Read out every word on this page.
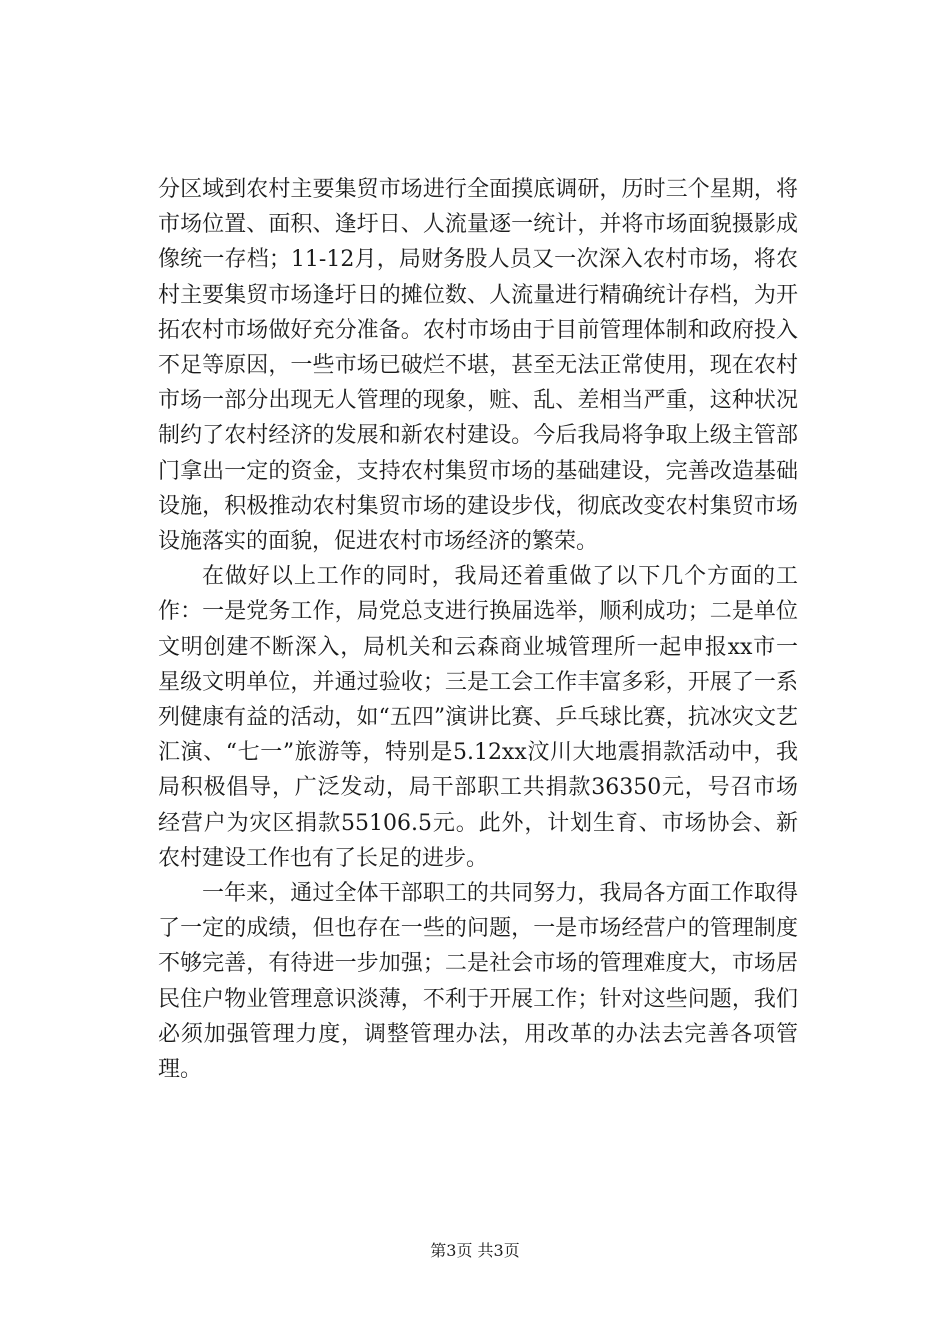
分区域到农村主要集贸市场进行全面摸底调研，历时三个星期，将市场位置、面积、逢圩日、人流量逐一统计，并将市场面貌摄影成像统一存档；11-12月，局财务股人员又一次深入农村市场，将农村主要集贸市场逢圩日的摊位数、人流量进行精确统计存档，为开拓农村市场做好充分准备。农村市场由于目前管理体制和政府投入不足等原因，一些市场已破烂不堪，甚至无法正常使用，现在农村市场一部分出现无人管理的现象，赃、乱、差相当严重，这种状况制约了农村经济的发展和新农村建设。今后我局将争取上级主管部门拿出一定的资金，支持农村集贸市场的基础建设，完善改造基础设施，积极推动农村集贸市场的建设步伐，彻底改变农村集贸市场设施落实的面貌，促进农村市场经济的繁荣。

在做好以上工作的同时，我局还着重做了以下几个方面的工作：一是党务工作，局党总支进行换届选举，顺利成功；二是单位文明创建不断深入，局机关和云森商业城管理所一起申报xx市一星级文明单位，并通过验收；三是工会工作丰富多彩，开展了一系列健康有益的活动，如“五四”演讲比赛、乒乓球比赛，抗冰灾文艺汇演、“七一”旅游等，特别是5.12xx汶川大地震捐款活动中，我局积极倡导，广泛发动，局干部职工共捐款36350元，号召市场经营户为灾区捐款55106.5元。此外，计划生育、市场协会、新农村建设工作也有了长足的进步。

一年来，通过全体干部职工的共同努力，我局各方面工作取得了一定的成绩，但也存在一些的问题，一是市场经营户的管理制度不够完善，有待进一步加强；二是社会市场的管理难度大，市场居民住户物业管理意识淡薄，不利于开展工作；针对这些问题，我们必须加强管理力度，调整管理办法，用改革的办法去完善各项管理。

第3页 共3页
